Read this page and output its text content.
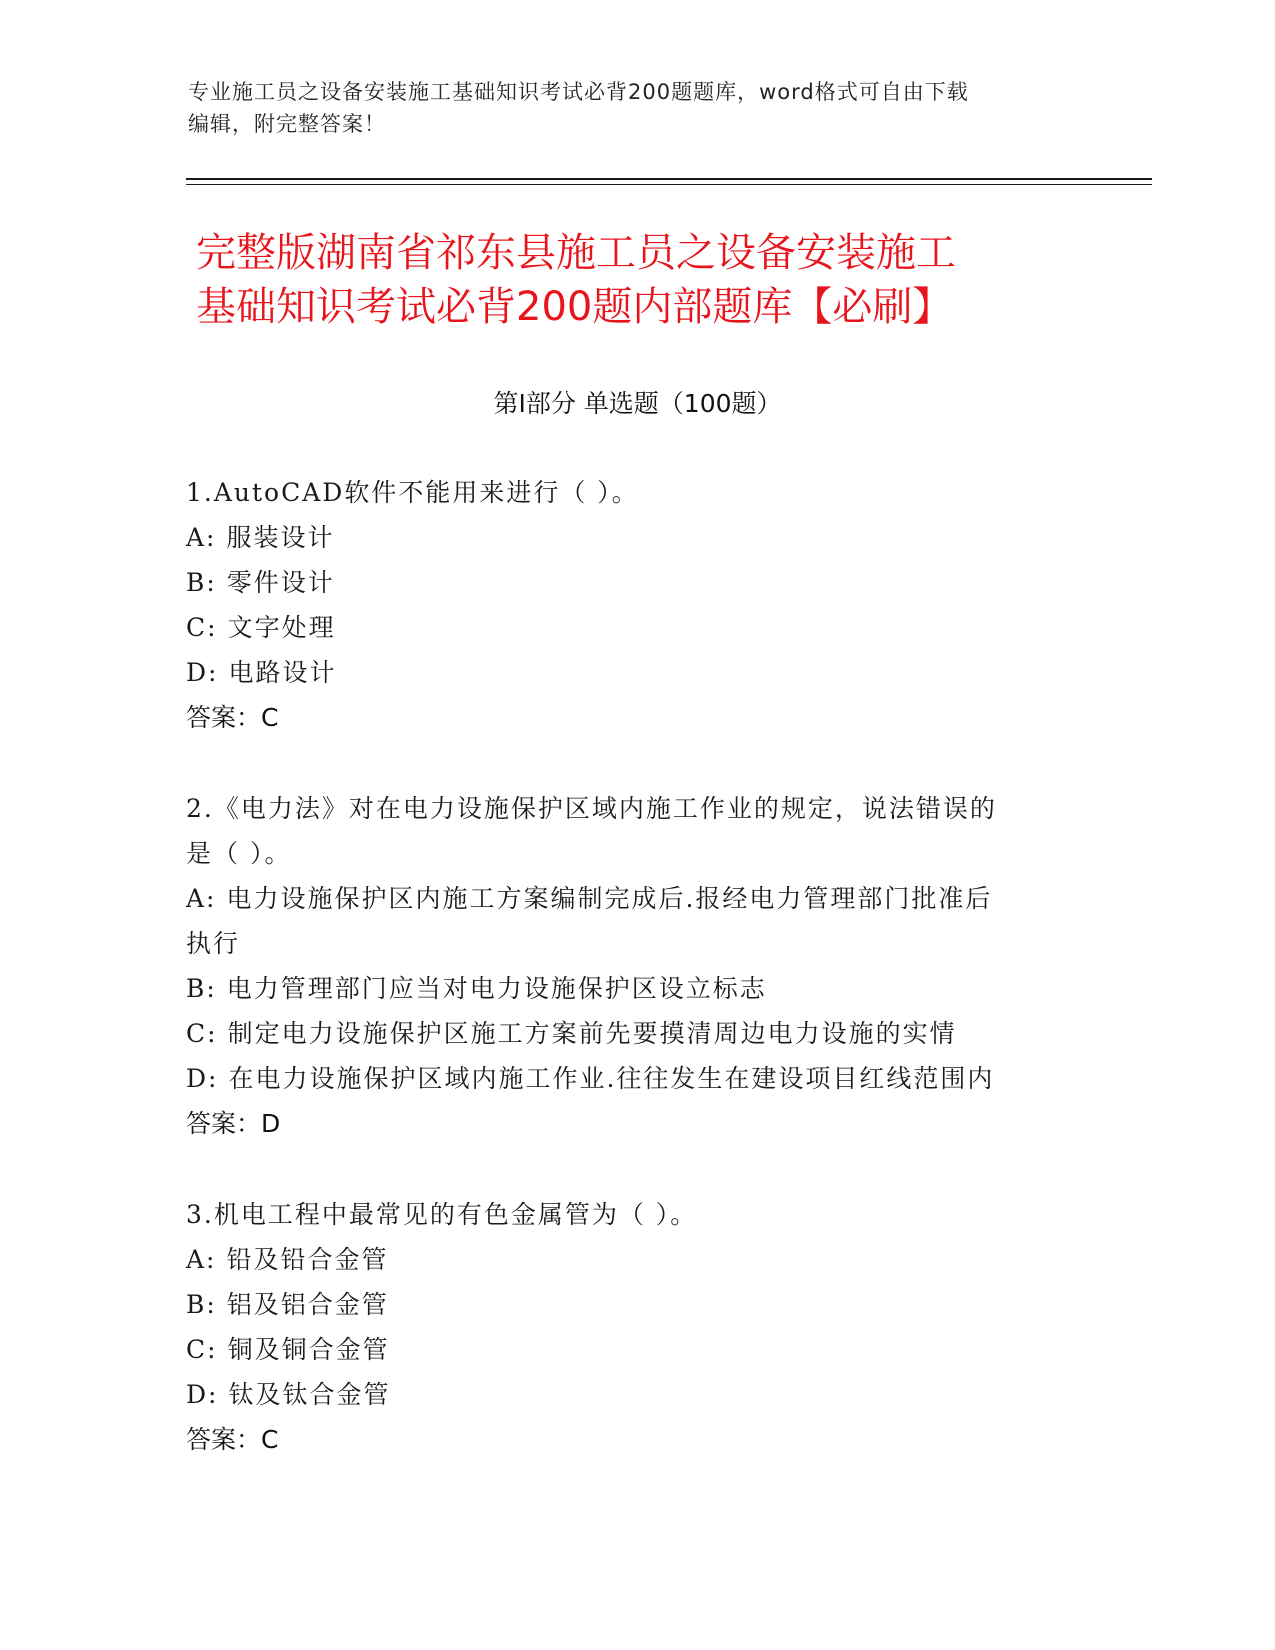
专业施工员之设备安装施工基础知识考试必背200题题库，word格式可自由下载
编辑，附完整答案！
完整版湖南省祁东县施工员之设备安装施工
基础知识考试必背200题内部题库【必刷】
第Ⅰ部分 单选题（100题）
1.AutoCAD软件不能用来进行（ ）。
A: 服装设计
B: 零件设计
C: 文字处理
D: 电路设计
答案：C
2.《电力法》对在电力设施保护区域内施工作业的规定，说法错误的
是（ ）。
A: 电力设施保护区内施工方案编制完成后.报经电力管理部门批准后
执行
B: 电力管理部门应当对电力设施保护区设立标志
C: 制定电力设施保护区施工方案前先要摸清周边电力设施的实情
D: 在电力设施保护区域内施工作业.往往发生在建设项目红线范围内
答案：D
3.机电工程中最常见的有色金属管为（ ）。
A: 铅及铅合金管
B: 铝及铝合金管
C: 铜及铜合金管
D: 钛及钛合金管
答案：C
